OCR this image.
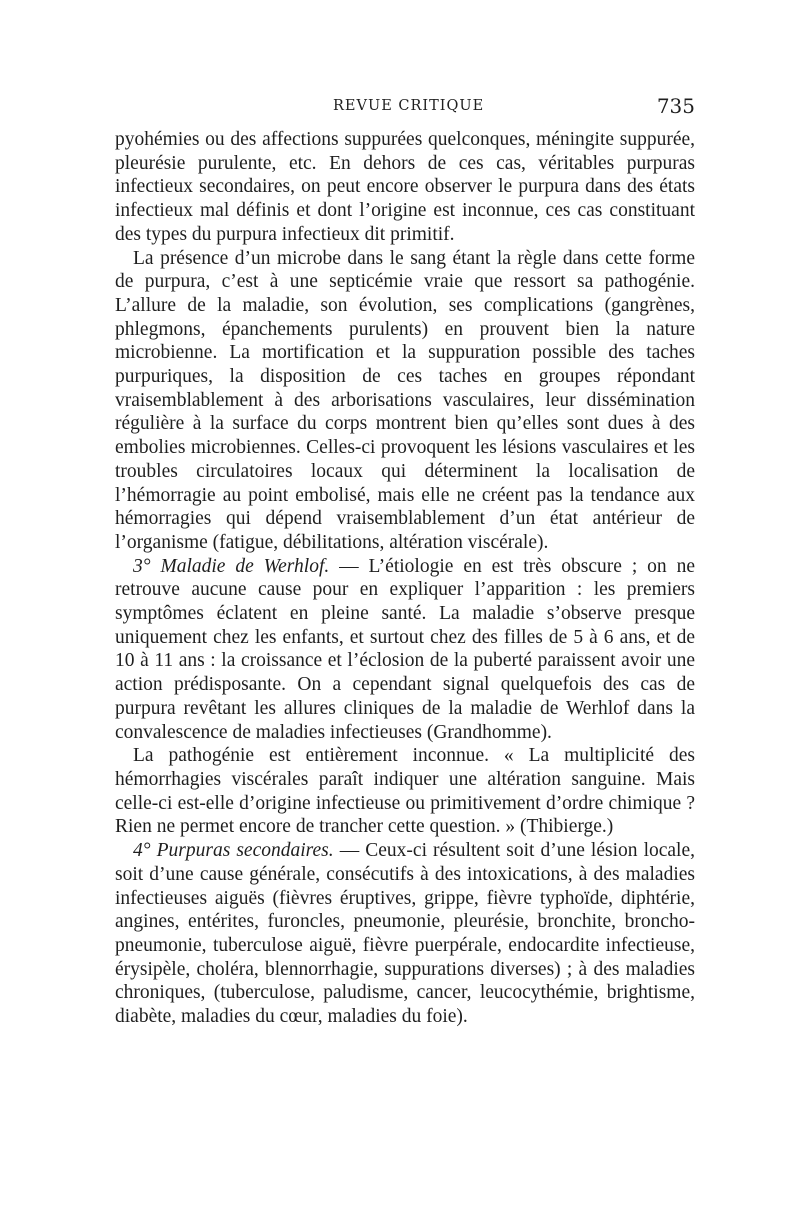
REVUE CRITIQUE	735

pyohémies ou des affections suppurées quelconques, méningite suppurée, pleurésie purulente, etc. En dehors de ces cas, véritables purpuras infectieux secondaires, on peut encore observer le purpura dans des états infectieux mal définis et dont l’origine est inconnue, ces cas constituant des types du purpura infectieux dit primitif.

La présence d’un microbe dans le sang étant la règle dans cette forme de purpura, c’est à une septicémie vraie que ressort sa pathogénie. L’allure de la maladie, son évolution, ses complications (gangrènes, phlegmons, épanchements purulents) en prouvent bien la nature microbienne. La mortification et la suppuration possible des taches purpuriques, la disposition de ces taches en groupes répondant vraisemblablement à des arborisations vasculaires, leur dissémination régulière à la surface du corps montrent bien qu’elles sont dues à des embolies microbiennes. Celles-ci provoquent les lésions vasculaires et les troubles circulatoires locaux qui déterminent la localisation de l’hémorragie au point embolisé, mais elle ne créent pas la tendance aux hémorragies qui dépend vraisemblablement d’un état antérieur de l’organisme (fatigue, débilitations, altération viscérale).

3° Maladie de Werhlof. — L’étiologie en est très obscure ; on ne retrouve aucune cause pour en expliquer l’apparition : les premiers symptômes éclatent en pleine santé. La maladie s’observe presque uniquement chez les enfants, et surtout chez des filles de 5 à 6 ans, et de 10 à 11 ans : la croissance et l’éclosion de la puberté paraissent avoir une action prédisposante. On a cependant signal quelquefois des cas de purpura revêtant les allures cliniques de la maladie de Werhlof dans la convalescence de maladies infectieuses (Grandhomme).

La pathogénie est entièrement inconnue. « La multiplicité des hémorrhagies viscérales paraît indiquer une altération sanguine. Mais celle-ci est-elle d’origine infectieuse ou primitivement d’ordre chimique ? Rien ne permet encore de trancher cette question. » (Thibierge.)

4° Purpuras secondaires. — Ceux-ci résultent soit d’une lésion locale, soit d’une cause générale, consécutifs à des intoxications, à des maladies infectieuses aiguës (fièvres éruptives, grippe, fièvre typhoïde, diphtérie, angines, entérites, furoncles, pneumonie, pleurésie, bronchite, broncho-pneumonie, tuberculose aiguë, fièvre puerpérale, endocardite infectieuse, érysipèle, choléra, blennorrhagie, suppurations diverses) ; à des maladies chroniques, (tuberculose, paludisme, cancer, leucocythémie, brightisme, diabète, maladies du cœur, maladies du foie).
